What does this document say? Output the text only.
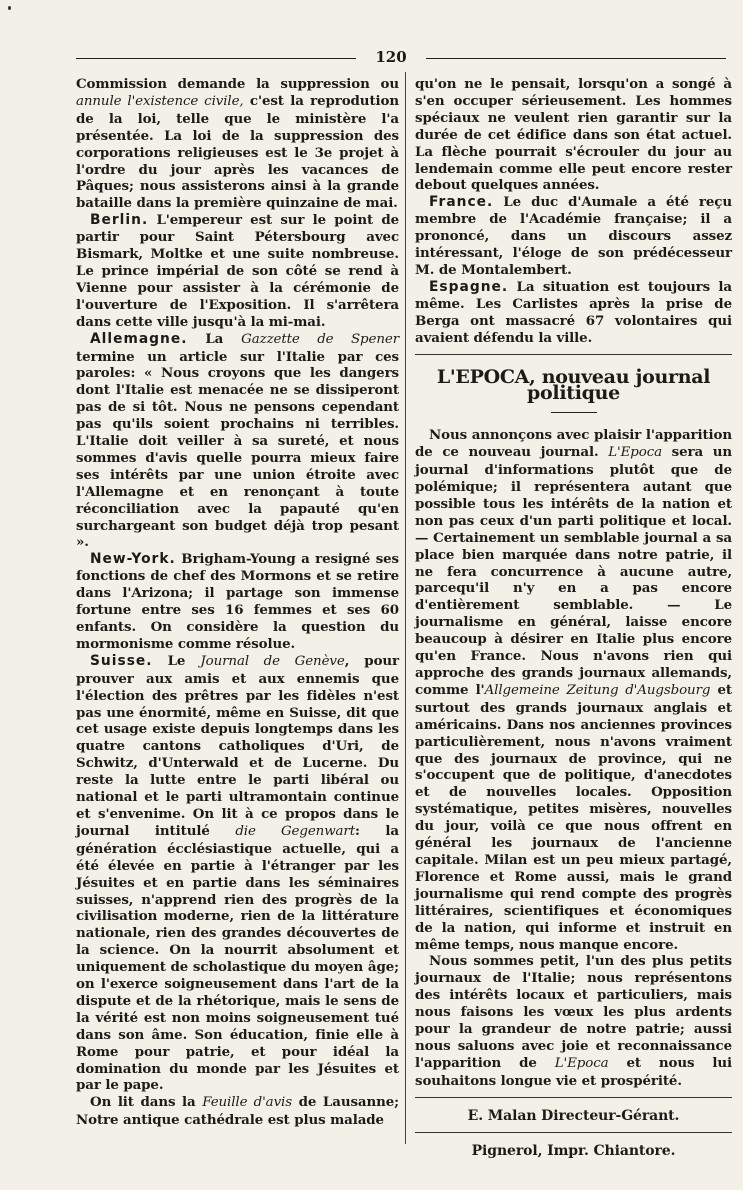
120

Commission demande la suppression ou annule l'existence civile, c'est la reprodution de la loi, telle que le ministère l'a présentée. La loi de la suppression des corporations religieuses est le 3e projet à l'ordre du jour après les vacances de Pâques; nous assisterons ainsi à la grande bataille dans la première quinzaine de mai.

Berlin. L'empereur est sur le point de partir pour Saint Pétersbourg avec Bismark, Moltke et une suite nombreuse. Le prince impérial de son côté se rend à Vienne pour assister à la cérémonie de l'ouverture de l'Exposition. Il s'arrêtera dans cette ville jusqu'à la mi-mai.

Allemagne. La Gazzette de Spener termine un article sur l'Italie par ces paroles: « Nous croyons que les dangers dont l'Italie est menacée ne se dissiperont pas de si tôt. Nous ne pensons cependant pas qu'ils soient prochains ni terribles. L'Italie doit veiller à sa sureté, et nous sommes d'avis quelle pourra mieux faire ses intérêts par une union étroite avec l'Allemagne et en renonçant à toute réconciliation avec la papauté qu'en surchargeant son budget déjà trop pesant ».

New-York. Brigham-Young a resigné ses fonctions de chef des Mormons et se retire dans l'Arizona; il partage son immense fortune entre ses 16 femmes et ses 60 enfants. On considère la question du mormonisme comme résolue.

Suisse. Le Journal de Genève, pour prouver aux amis et aux ennemis que l'élection des prêtres par les fidèles n'est pas une énormité, même en Suisse, dit que cet usage existe depuis longtemps dans les quatre cantons catholiques d'Uri, de Schwitz, d'Unterwald et de Lucerne. Du reste la lutte entre le parti libéral ou national et le parti ultramontain continue et s'envenime. On lit à ce propos dans le journal intitulé die Gegenwart: la génération écclésiastique actuelle, qui a été élevée en partie à l'étranger par les Jésuites et en partie dans les séminaires suisses, n'apprend rien des progrès de la civilisation moderne, rien de la littérature nationale, rien des grandes découvertes de la science. On la nourrit absolument et uniquement de scholastique du moyen âge; on l'exerce soigneusement dans l'art de la dispute et de la rhétorique, mais le sens de la vérité est non moins soigneusement tué dans son âme. Son éducation, finie elle à Rome pour patrie, et pour idéal la domination du monde par les Jésuites et par le pape.

On lit dans la Feuille d'avis de Lausanne; Notre antique cathédrale est plus malade

qu'on ne le pensait, lorsqu'on a songé à s'en occuper sérieusement. Les hommes spéciaux ne veulent rien garantir sur la durée de cet édifice dans son état actuel. La flèche pourrait s'écrouler du jour au lendemain comme elle peut encore rester debout quelques années.

France. Le duc d'Aumale a été reçu membre de l'Académie française; il a prononcé, dans un discours assez intéressant, l'éloge de son prédécesseur M. de Montalembert.

Espagne. La situation est toujours la même. Les Carlistes après la prise de Berga ont massacré 67 volontaires qui avaient défendu la ville.

L'EPOCA, nouveau journal politique

Nous annonçons avec plaisir l'apparition de ce nouveau journal. L'Epoca sera un journal d'informations plutôt que de polémique; il représentera autant que possible tous les intérêts de la nation et non pas ceux d'un parti politique et local. — Certainement un semblable journal a sa place bien marquée dans notre patrie, il ne fera concurrence à aucune autre, parcequ'il n'y en a pas encore d'entièrement semblable. — Le journalisme en général, laisse encore beaucoup à désirer en Italie plus encore qu'en France. Nous n'avons rien qui approche des grands journaux allemands, comme l'Allgemeine Zeitung d'Augsbourg et surtout des grands journaux anglais et américains. Dans nos anciennes provinces particulièrement, nous n'avons vraiment que des journaux de province, qui ne s'occupent que de politique, d'anecdotes et de nouvelles locales. Opposition systématique, petites misères, nouvelles du jour, voilà ce que nous offrent en général les journaux de l'ancienne capitale. Milan est un peu mieux partagé, Florence et Rome aussi, mais le grand journalisme qui rend compte des progrès littéraires, scientifiques et économiques de la nation, qui informe et instruit en même temps, nous manque encore.

Nous sommes petit, l'un des plus petits journaux de l'Italie; nous représentons des intérêts locaux et particuliers, mais nous faisons les vœux les plus ardents pour la grandeur de notre patrie; aussi nous saluons avec joie et reconnaissance l'apparition de L'Epoca et nous lui souhaitons longue vie et prospérité.

E. Malan Directeur-Gérant.
Pignerol, Impr. Chiantore.
